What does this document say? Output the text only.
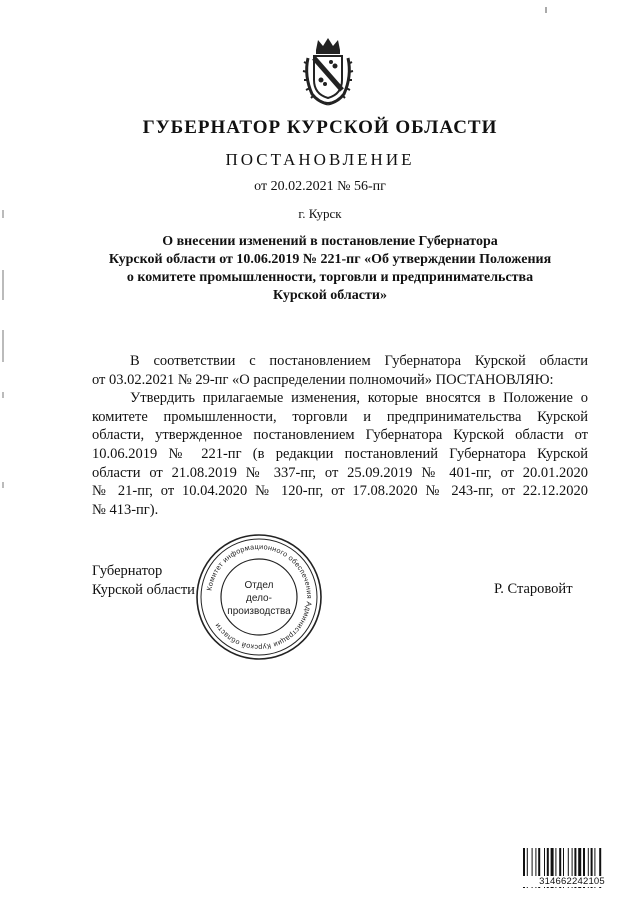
ГУБЕРНАТОР КУРСКОЙ ОБЛАСТИ
ПОСТАНОВЛЕНИЕ
от 20.02.2021 № 56-пг
г. Курск
О внесении изменений в постановление Губернатора
Курской области от 10.06.2019 № 221-пг «Об утверждении Положения
о комитете промышленности, торговли и предпринимательства
Курской области»
В соответствии с постановлением Губернатора Курской области
от 03.02.2021 № 29-пг «О распределении полномочий» ПОСТАНОВЛЯЮ:
Утвердить прилагаемые изменения, которые вносятся в Положение о
комитете промышленности, торговли и предпринимательства Курской
области, утвержденное постановлением Губернатора Курской области от
10.06.2019 № 221-пг (в редакции постановлений Губернатора Курской
области от 21.08.2019 № 337-пг, от 25.09.2019 № 401-пг, от 20.01.2020
№ 21-пг, от 10.04.2020 № 120-пг, от 17.08.2020 № 243-пг, от 22.12.2020
№ 413-пг).
Губернатор
Курской области	Р. Старовойт
Комитет информационного обеспечения Администрации Курской области
Отдел
дело-
производства
314662242105
